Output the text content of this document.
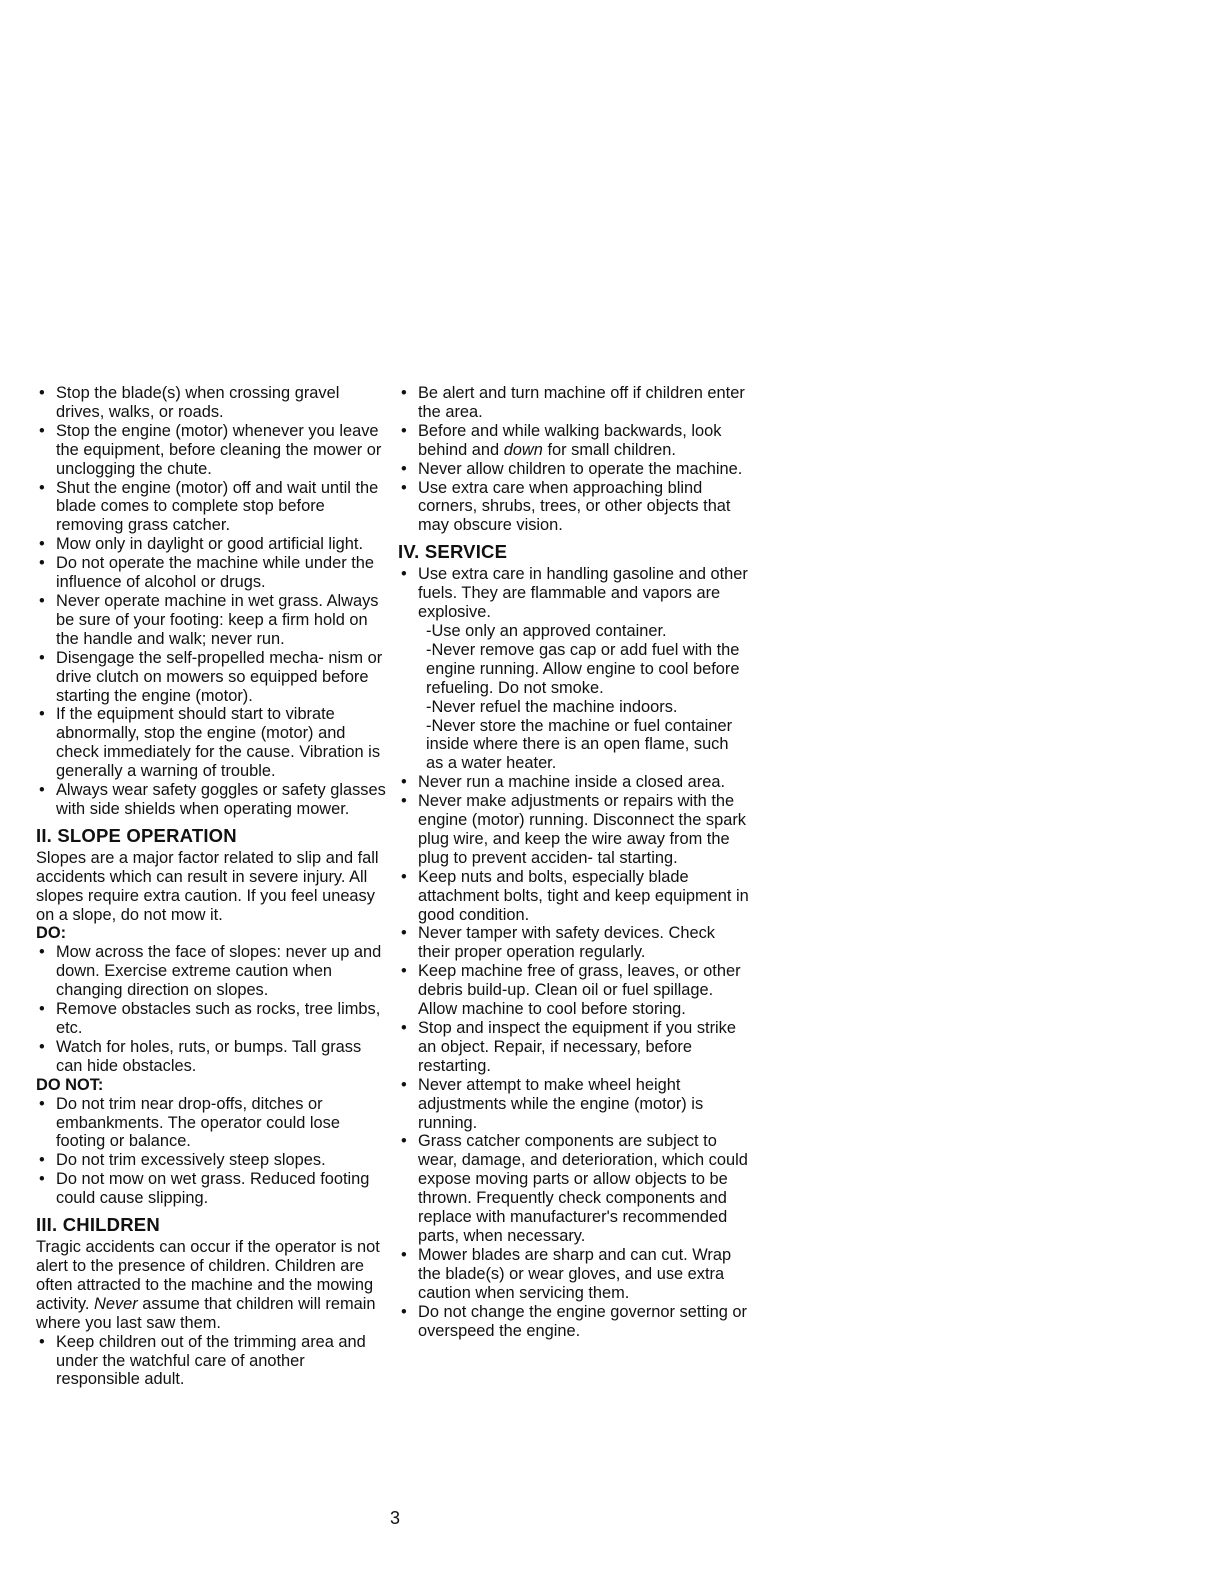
• Stop the blade(s) when crossing gravel drives, walks, or roads.
• Stop the engine (motor) whenever you leave the equipment, before cleaning the mower or unclogging the chute.
• Shut the engine (motor) off and wait until the blade comes to complete stop before removing grass catcher.
• Mow only in daylight or good artificial light.
• Do not operate the machine while under the influence of alcohol or drugs.
• Never operate machine in wet grass. Always be sure of your footing: keep a firm hold on the handle and walk; never run.
• Disengage the self-propelled mecha- nism or drive clutch on mowers so equipped before starting the engine (motor).
• If the equipment should start to vibrate abnormally, stop the engine (motor) and check immediately for the cause. Vibration is generally a warning of trouble.
• Always wear safety goggles or safety glasses with side shields when operating mower.
II. SLOPE OPERATION

Slopes are a major factor related to slip and fall accidents which can result in severe injury. All slopes require extra caution. If you feel uneasy on a slope, do not mow it.

DO:

• Mow across the face of slopes: never up and down. Exercise extreme caution when changing direction on slopes.
• Remove obstacles such as rocks, tree limbs, etc.
• Watch for holes, ruts, or bumps. Tall grass can hide obstacles.

DO NOT:

• Do not trim near drop-offs, ditches or embankments. The operator could lose footing or balance.
• Do not trim excessively steep slopes.
• Do not mow on wet grass. Reduced footing could cause slipping.
III. CHILDREN

Tragic accidents can occur if the operator is not alert to the presence of children. Children are often attracted to the machine and the mowing activity. Never assume that children will remain where you last saw them.

• Keep children out of the trimming area and under the watchful care of another responsible adult.
• Be alert and turn machine off if children enter the area.
• Before and while walking backwards, look behind and down for small children.
• Never allow children to operate the machine.
• Use extra care when approaching blind corners, shrubs, trees, or other objects that may obscure vision.
IV. SERVICE
• Use extra care in handling gasoline and other fuels. They are flammable and vapors are explosive.
-Use only an approved container.
-Never remove gas cap or add fuel with the engine running. Allow engine to cool before refueling. Do not smoke.
-Never refuel the machine indoors.
-Never store the machine or fuel container inside where there is an open flame, such as a water heater.
• Never run a machine inside a closed area.
• Never make adjustments or repairs with the engine (motor) running. Disconnect the spark plug wire, and keep the wire away from the plug to prevent acciden- tal starting.
• Keep nuts and bolts, especially blade attachment bolts, tight and keep equipment in good condition.
• Never tamper with safety devices. Check their proper operation regularly.
• Keep machine free of grass, leaves, or other debris build-up. Clean oil or fuel spillage. Allow machine to cool before storing.
• Stop and inspect the equipment if you strike an object. Repair, if necessary, before restarting.
• Never attempt to make wheel height adjustments while the engine (motor) is running.
• Grass catcher components are subject to wear, damage, and deterioration, which could expose moving parts or allow objects to be thrown. Frequently check components and replace with manufacturer's recommended parts, when necessary.
• Mower blades are sharp and can cut. Wrap the blade(s) or wear gloves, and use extra caution when servicing them.
• Do not change the engine governor setting or overspeed the engine.
3
